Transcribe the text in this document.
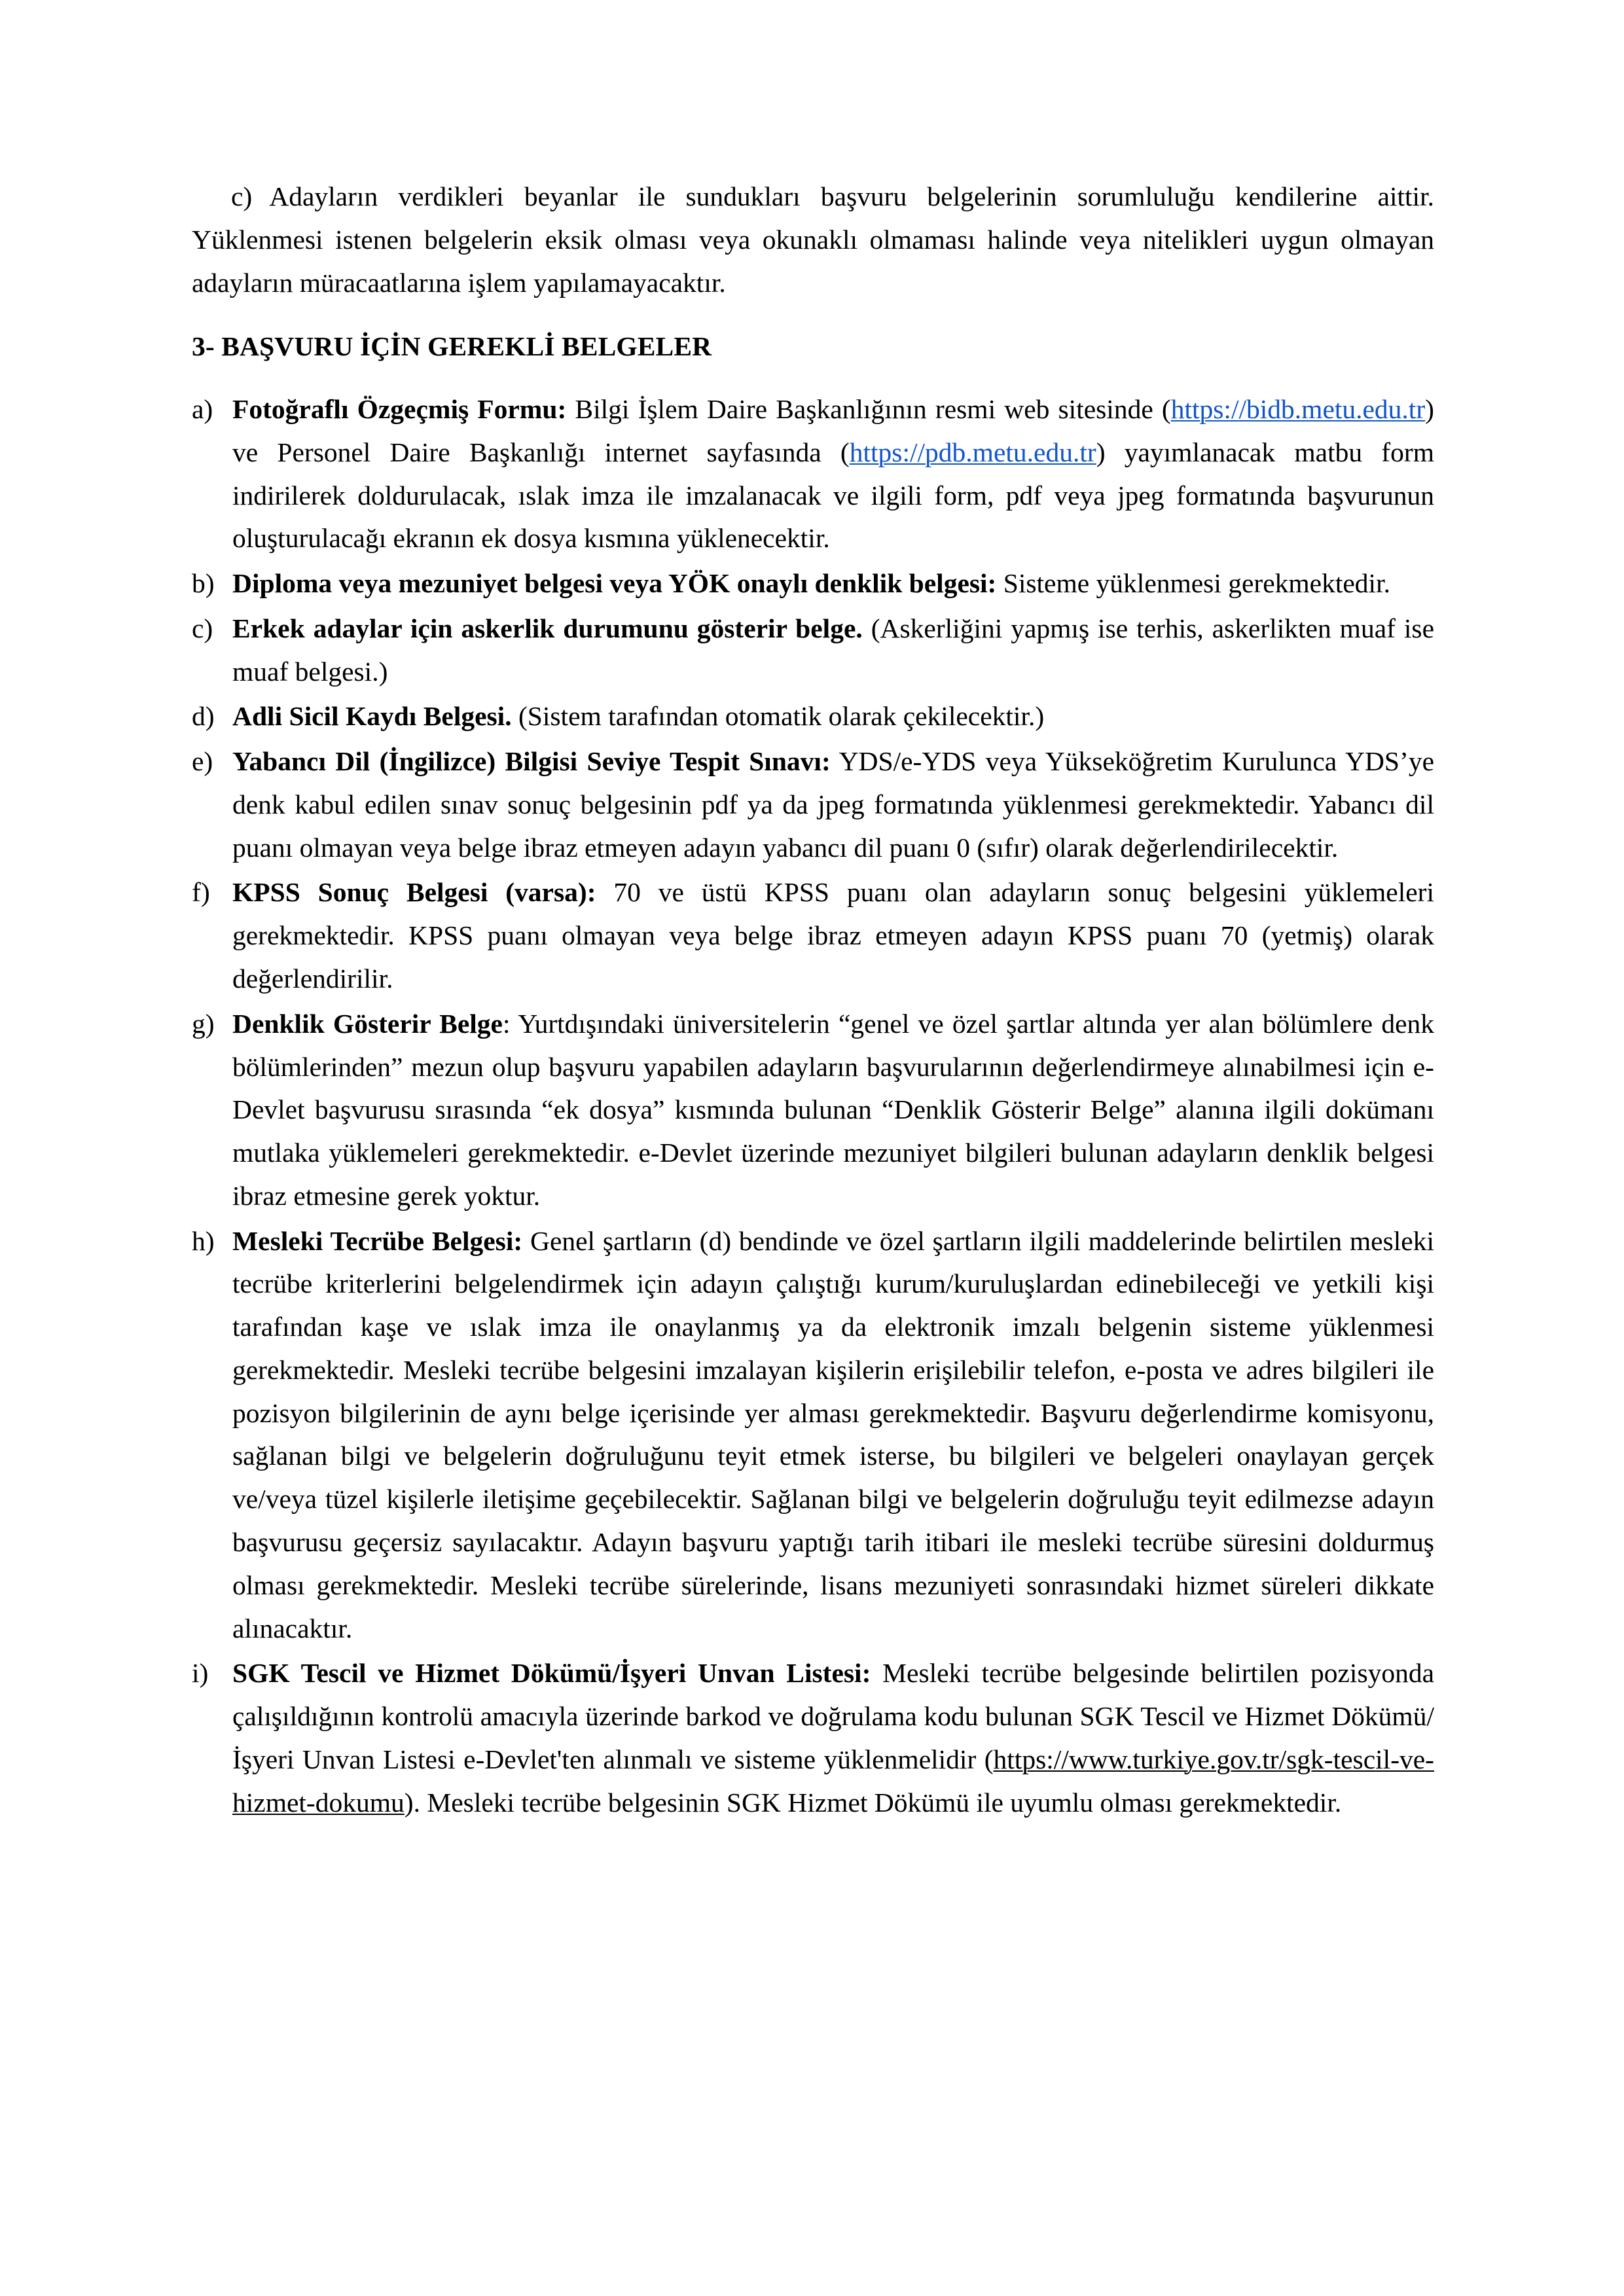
c) Adayların verdikleri beyanlar ile sundukları başvuru belgelerinin sorumluluğu kendilerine aittir. Yüklenmesi istenen belgelerin eksik olması veya okunaklı olmaması halinde veya nitelikleri uygun olmayan adayların müracaatlarına işlem yapılamayacaktır.

3- BAŞVURU İÇİN GEREKLİ BELGELER
a) Fotoğraflı Özgeçmiş Formu: Bilgi İşlem Daire Başkanlığının resmi web sitesinde (https://bidb.metu.edu.tr) ve Personel Daire Başkanlığı internet sayfasında (https://pdb.metu.edu.tr) yayımlanacak matbu form indirilerek doldurulacak, ıslak imza ile imzalanacak ve ilgili form, pdf veya jpeg formatında başvurunun oluşturulacağı ekranın ek dosya kısmına yüklenecektir.
b) Diploma veya mezuniyet belgesi veya YÖK onaylı denklik belgesi: Sisteme yüklenmesi gerekmektedir.
c) Erkek adaylar için askerlik durumunu gösterir belge. (Askerliğini yapmış ise terhis, askerlikten muaf ise muaf belgesi.)
d) Adli Sicil Kaydı Belgesi. (Sistem tarafından otomatik olarak çekilecektir.)
e) Yabancı Dil (İngilizce) Bilgisi Seviye Tespit Sınavı: YDS/e-YDS veya Yükseköğretim Kurulunca YDS’ye denk kabul edilen sınav sonuç belgesinin pdf ya da jpeg formatında yüklenmesi gerekmektedir. Yabancı dil puanı olmayan veya belge ibraz etmeyen adayın yabancı dil puanı 0 (sıfır) olarak değerlendirilecektir.
f) KPSS Sonuç Belgesi (varsa): 70 ve üstü KPSS puanı olan adayların sonuç belgesini yüklemeleri gerekmektedir. KPSS puanı olmayan veya belge ibraz etmeyen adayın KPSS puanı 70 (yetmiş) olarak değerlendirilir.
g) Denklik Gösterir Belge: Yurtdışındaki üniversitelerin “genel ve özel şartlar altında yer alan bölümlere denk bölümlerinden” mezun olup başvuru yapabilen adayların başvurularının değerlendirmeye alınabilmesi için e-Devlet başvurusu sırasında “ek dosya” kısmında bulunan “Denklik Gösterir Belge” alanına ilgili dokümanı mutlaka yüklemeleri gerekmektedir. e-Devlet üzerinde mezuniyet bilgileri bulunan adayların denklik belgesi ibraz etmesine gerek yoktur.
h) Mesleki Tecrübe Belgesi: Genel şartların (d) bendinde ve özel şartların ilgili maddelerinde belirtilen mesleki tecrübe kriterlerini belgelendirmek için adayın çalıştığı kurum/kuruluşlardan edinebileceği ve yetkili kişi tarafından kaşe ve ıslak imza ile onaylanmış ya da elektronik imzalı belgenin sisteme yüklenmesi gerekmektedir. Mesleki tecrübe belgesini imzalayan kişilerin erişilebilir telefon, e-posta ve adres bilgileri ile pozisyon bilgilerinin de aynı belge içerisinde yer alması gerekmektedir. Başvuru değerlendirme komisyonu, sağlanan bilgi ve belgelerin doğruluğunu teyit etmek isterse, bu bilgileri ve belgeleri onaylayan gerçek ve/veya tüzel kişilerle iletişime geçebilecektir. Sağlanan bilgi ve belgelerin doğruluğu teyit edilmezse adayın başvurusu geçersiz sayılacaktır. Adayın başvuru yaptığı tarih itibari ile mesleki tecrübe süresini doldurmuş olması gerekmektedir. Mesleki tecrübe sürelerinde, lisans mezuniyeti sonrasındaki hizmet süreleri dikkate alınacaktır.
i) SGK Tescil ve Hizmet Dökümü/İşyeri Unvan Listesi: Mesleki tecrübe belgesinde belirtilen pozisyonda çalışıldığının kontrolü amacıyla üzerinde barkod ve doğrulama kodu bulunan SGK Tescil ve Hizmet Dökümü/İşyeri Unvan Listesi e-Devlet'ten alınmalı ve sisteme yüklenmelidir (https://www.turkiye.gov.tr/sgk-tescil-ve-hizmet-dokumu). Mesleki tecrübe belgesinin SGK Hizmet Dökümü ile uyumlu olması gerekmektedir.
